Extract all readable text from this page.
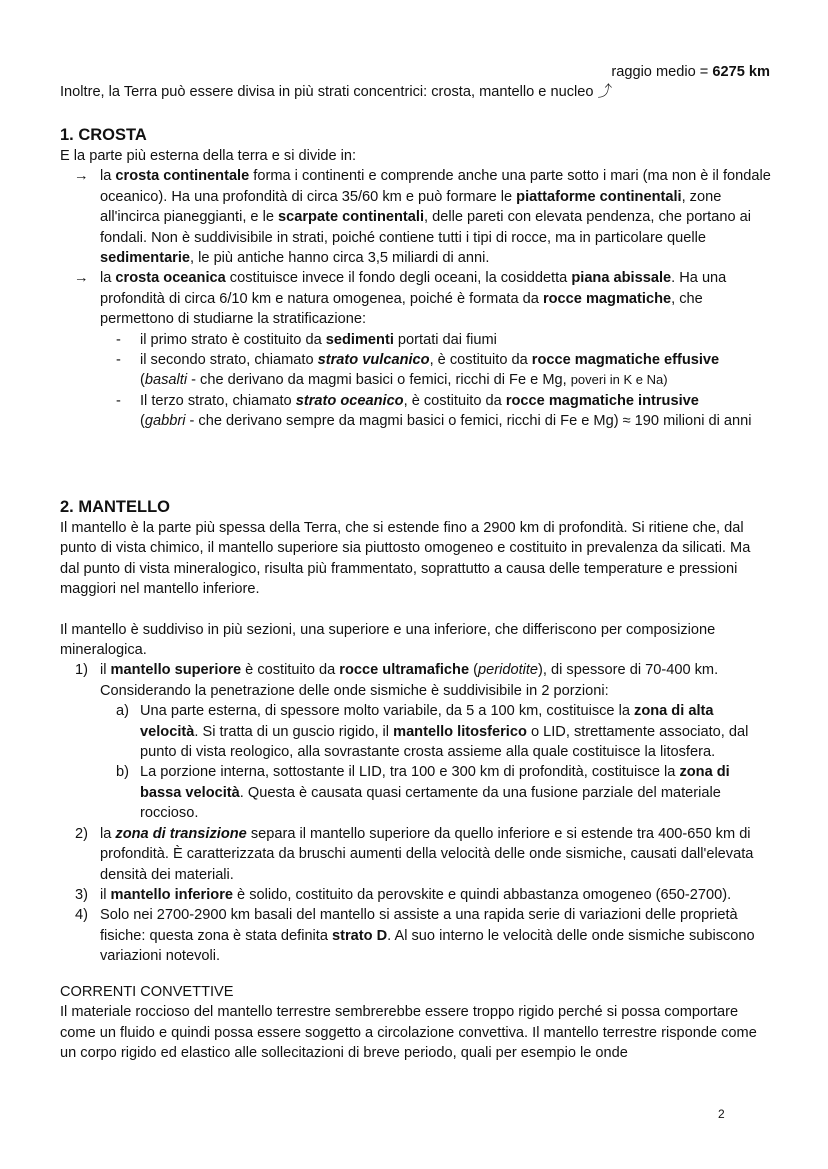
raggio medio = 6275 km

Inoltre, la Terra può essere divisa in più strati concentrici: crosta, mantello e nucleo ⤴

1. CROSTA

E la parte più esterna della terra e si divide in:

→ la crosta continentale forma i continenti e comprende anche una parte sotto i mari (ma non è il fondale oceanico). Ha una profondità di circa 35/60 km e può formare le piattaforme continentali, zone all'incirca pianeggianti, e le scarpate continentali, delle pareti con elevata pendenza, che portano ai fondali. Non è suddivisibile in strati, poiché contiene tutti i tipi di rocce, ma in particolare quelle sedimentarie, le più antiche hanno circa 3,5 miliardi di anni.
→ la crosta oceanica costituisce invece il fondo degli oceani, la cosiddetta piana abissale. Ha una profondità di circa 6/10 km e natura omogenea, poiché è formata da rocce magmatiche, che permettono di studiarne la stratificazione:
- il primo strato è costituito da sedimenti portati dai fiumi
- il secondo strato, chiamato strato vulcanico, è costituito da rocce magmatiche effusive
(basalti - che derivano da magmi basici o femici, ricchi di Fe e Mg, poveri in K e Na)
- Il terzo strato, chiamato strato oceanico, è costituito da rocce magmatiche intrusive
(gabbri - che derivano sempre da magmi basici o femici, ricchi di Fe e Mg) ≈ 190 milioni di anni

2. MANTELLO

Il mantello è la parte più spessa della Terra, che si estende fino a 2900 km di profondità. Si ritiene che, dal punto di vista chimico, il mantello superiore sia piuttosto omogeneo e costituito in prevalenza da silicati. Ma dal punto di vista mineralogico, risulta più frammentato, soprattutto a causa delle temperature e pressioni maggiori nel mantello inferiore.

Il mantello è suddiviso in più sezioni, una superiore e una inferiore, che differiscono per composizione mineralogica.

1) il mantello superiore è costituito da rocce ultramafiche (peridotite), di spessore di 70-400 km. Considerando la penetrazione delle onde sismiche è suddivisibile in 2 porzioni:
a) Una parte esterna, di spessore molto variabile, da 5 a 100 km, costituisce la zona di alta velocità. Si tratta di un guscio rigido, il mantello litosferico o LID, strettamente associato, dal punto di vista reologico, alla sovrastante crosta assieme alla quale costituisce la litosfera.
b) La porzione interna, sottostante il LID, tra 100 e 300 km di profondità, costituisce la zona di bassa velocità. Questa è causata quasi certamente da una fusione parziale del materiale roccioso.
2) la zona di transizione separa il mantello superiore da quello inferiore e si estende tra 400-650 km di profondità. È caratterizzata da bruschi aumenti della velocità delle onde sismiche, causati dall'elevata densità dei materiali.
3) il mantello inferiore è solido, costituito da perovskite e quindi abbastanza omogeneo (650-2700).
4) Solo nei 2700-2900 km basali del mantello si assiste a una rapida serie di variazioni delle proprietà fisiche: questa zona è stata definita strato D. Al suo interno le velocità delle onde sismiche subiscono variazioni notevoli.

CORRENTI CONVETTIVE

Il materiale roccioso del mantello terrestre sembrerebbe essere troppo rigido perché si possa comportare come un fluido e quindi possa essere soggetto a circolazione convettiva. Il mantello terrestre risponde come un corpo rigido ed elastico alle sollecitazioni di breve periodo, quali per esempio le onde

2
